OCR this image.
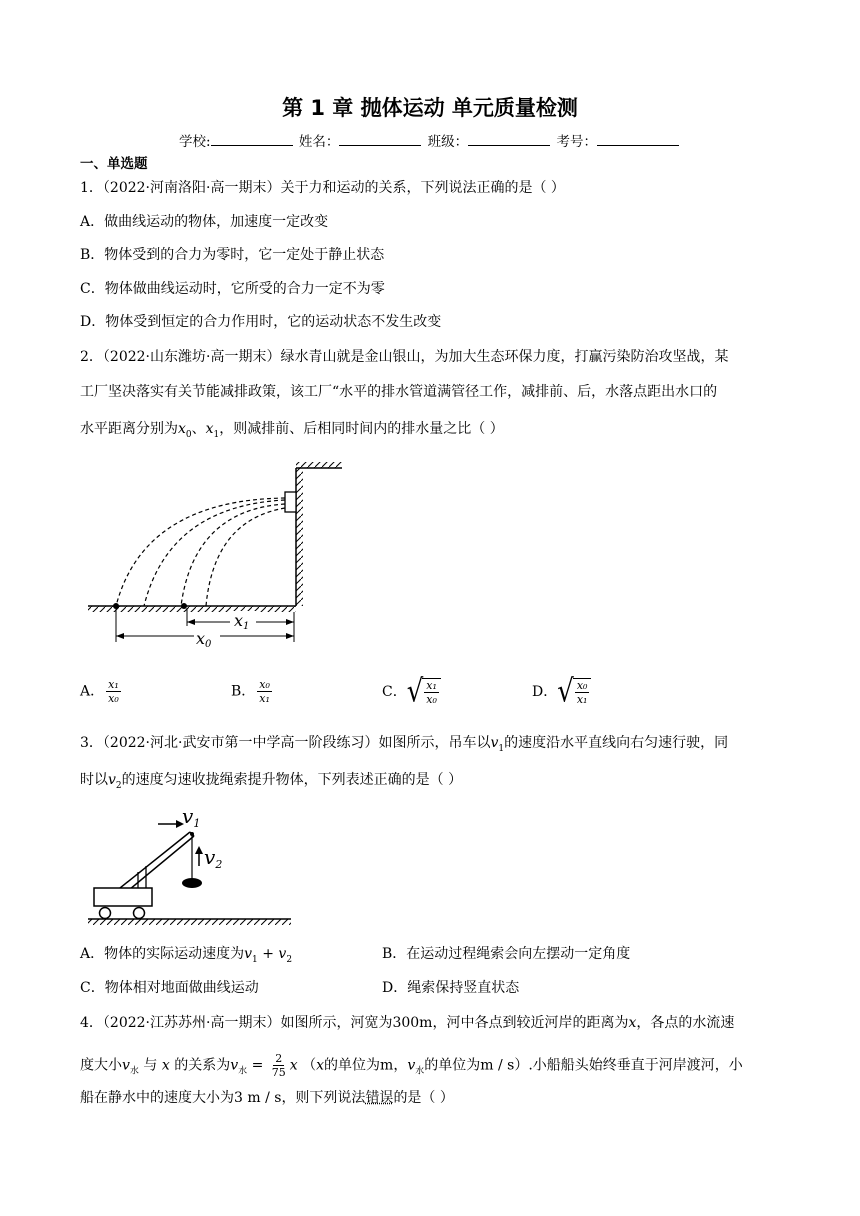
第 1 章 抛体运动 单元质量检测
学校:	姓名：	班级：	考号：
一、单选题
1．（2022·河南洛阳·高一期末）关于力和运动的关系，下列说法正确的是（ ）
A．做曲线运动的物体，加速度一定改变
B．物体受到的合力为零时，它一定处于静止状态
C．物体做曲线运动时，它所受的合力一定不为零
D．物体受到恒定的合力作用时，它的运动状态不发生改变
2．（2022·山东潍坊·高一期末）绿水青山就是金山银山，为加大生态环保力度，打赢污染防治攻坚战，某
工厂坚决落实有关节能减排政策，该工厂“水平的排水管道满管径工作，减排前、后，水落点距出水口的
水平距离分别为$x_0$、$x_1$，则减排前、后相同时间内的排水量之比（ ）
x1
x0
A． $\frac{\text{x₁}}{\text{x₀}}$	B． $\frac{\text{x₀}}{\text{x₁}}$	C． √ $\frac{\text{x₁}}{\text{x₀}}$	D． √ $\frac{\text{x₀}}{\text{x₁}}$
3．（2022·河北·武安市第一中学高一阶段练习）如图所示，吊车以$v_1$的速度沿水平直线向右匀速行驶，同
时以$v_2$的速度匀速收拢绳索提升物体，下列表述正确的是（ ）
$v_1$
$v_2$
A．物体的实际运动速度为$v_1 + v_2$	B．在运动过程绳索会向左摆动一定角度
C．物体相对地面做曲线运动	D．绳索保持竖直状态
4．（2022·江苏苏州·高一期末）如图所示，河宽为300m，河中各点到较近河岸的距离为x，各点的水流速
度大小$v_水$ 与 x 的关系为$v_水 = \frac{2}{75}$ x （x的单位为m，$v_水$的单位为m / s）.小船船头始终垂直于河岸渡河，小
船在静水中的速度大小为3 m / s，则下列说法错误的是（ ）
